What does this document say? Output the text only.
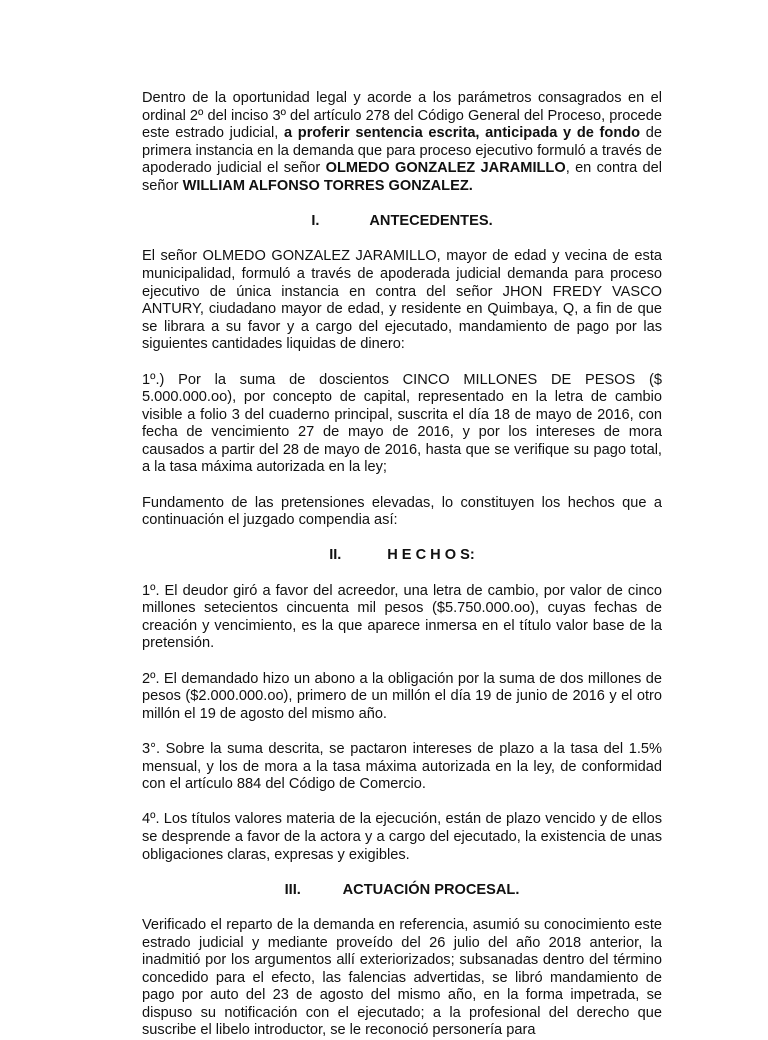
Dentro de la oportunidad legal y acorde a los parámetros consagrados en el ordinal 2º del inciso 3º del artículo 278 del Código General del Proceso, procede este estrado judicial, a proferir sentencia escrita, anticipada y de fondo de primera instancia en la demanda que para proceso ejecutivo formuló a través de apoderado judicial el señor OLMEDO GONZALEZ JARAMILLO, en contra del señor WILLIAM ALFONSO TORRES GONZALEZ.

I.	ANTECEDENTES.

El señor OLMEDO GONZALEZ JARAMILLO, mayor de edad y vecina de esta municipalidad, formuló a través de apoderada judicial demanda para proceso ejecutivo de única instancia en contra del señor JHON FREDY VASCO ANTURY, ciudadano mayor de edad, y residente en Quimbaya, Q, a fin de que se librara a su favor y a cargo del ejecutado, mandamiento de pago por las siguientes cantidades liquidas de dinero:

1º.) Por la suma de doscientos CINCO MILLONES DE PESOS ($ 5.000.000.oo), por concepto de capital, representado en la letra de cambio visible a folio 3 del cuaderno principal, suscrita el día 18 de mayo de 2016, con fecha de vencimiento 27 de mayo de 2016, y por los intereses de mora causados a partir del 28 de mayo de 2016, hasta que se verifique su pago total, a la tasa máxima autorizada en la ley;

Fundamento de las pretensiones elevadas, lo constituyen los hechos que a continuación el juzgado compendia así:

II.	H E C H O S:

1º. El deudor giró a favor del acreedor, una letra de cambio, por valor de cinco millones setecientos cincuenta mil pesos ($5.750.000.oo), cuyas fechas de creación y vencimiento, es la que aparece inmersa en el título valor base de la pretensión.

2º. El demandado hizo un abono a la obligación por la suma de dos millones de pesos ($2.000.000.oo), primero de un millón el día 19 de junio de 2016 y el otro millón el 19 de agosto del mismo año.

3°. Sobre la suma descrita, se pactaron intereses de plazo a la tasa del 1.5% mensual, y los de mora a la tasa máxima autorizada en la ley, de conformidad con el artículo 884 del Código de Comercio.

4º. Los títulos valores materia de la ejecución, están de plazo vencido y de ellos se desprende a favor de la actora y a cargo del ejecutado, la existencia de unas obligaciones claras, expresas y exigibles.

III.	ACTUACIÓN PROCESAL.

Verificado el reparto de la demanda en referencia, asumió su conocimiento este estrado judicial y mediante proveído del 26 julio del año 2018 anterior, la inadmitió por los argumentos allí exteriorizados; subsanadas dentro del término concedido para el efecto, las falencias advertidas, se libró mandamiento de pago por auto del 23 de agosto del mismo año, en la forma impetrada, se dispuso su notificación con el ejecutado; a la profesional del derecho que suscribe el libelo introductor, se le reconoció personería para
